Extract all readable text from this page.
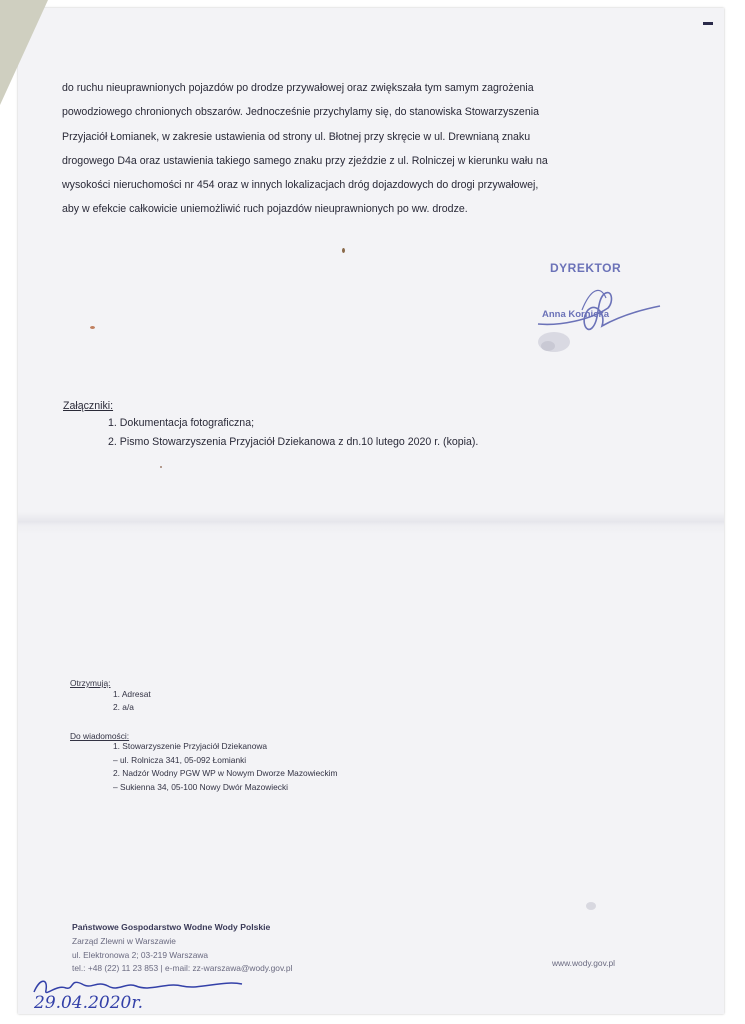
do ruchu nieuprawnionych pojazdów po drodze przywałowej oraz zwiększała tym samym zagrożenia

powodziowego chronionych obszarów. Jednocześnie przychylamy się, do stanowiska Stowarzyszenia

Przyjaciół Łomianek, w zakresie ustawienia od strony ul. Błotnej przy skręcie w ul. Drewnianą znaku

drogowego D4a oraz ustawienia takiego samego znaku przy zjeździe z ul. Rolniczej w kierunku wału na

wysokości nieruchomości nr 454 oraz w innych lokalizacjach dróg dojazdowych do drogi przywałowej,

aby w efekcie całkowicie uniemożliwić ruch pojazdów nieuprawnionych po ww. drodze.

DYREKTOR
Anna Kornicka
Załączniki:
1. Dokumentacja fotograficzna;
2. Pismo Stowarzyszenia Przyjaciół Dziekanowa z dn.10 lutego 2020 r. (kopia).
Otrzymują:
1. Adresat
2. a/a
Do wiadomości:
1. Stowarzyszenie Przyjaciół Dziekanowa
– ul. Rolnicza 341, 05-092 Łomianki
2. Nadzór Wodny PGW WP w Nowym Dworze Mazowieckim
– Sukienna 34, 05-100 Nowy Dwór Mazowiecki
Państwowe Gospodarstwo Wodne Wody Polskie
Zarząd Zlewni w Warszawie
ul. Elektronowa 2; 03-219 Warszawa
tel.: +48 (22) 11 23 853 | e-mail: zz-warszawa@wody.gov.pl	www.wody.gov.pl
29.04.2020r.
